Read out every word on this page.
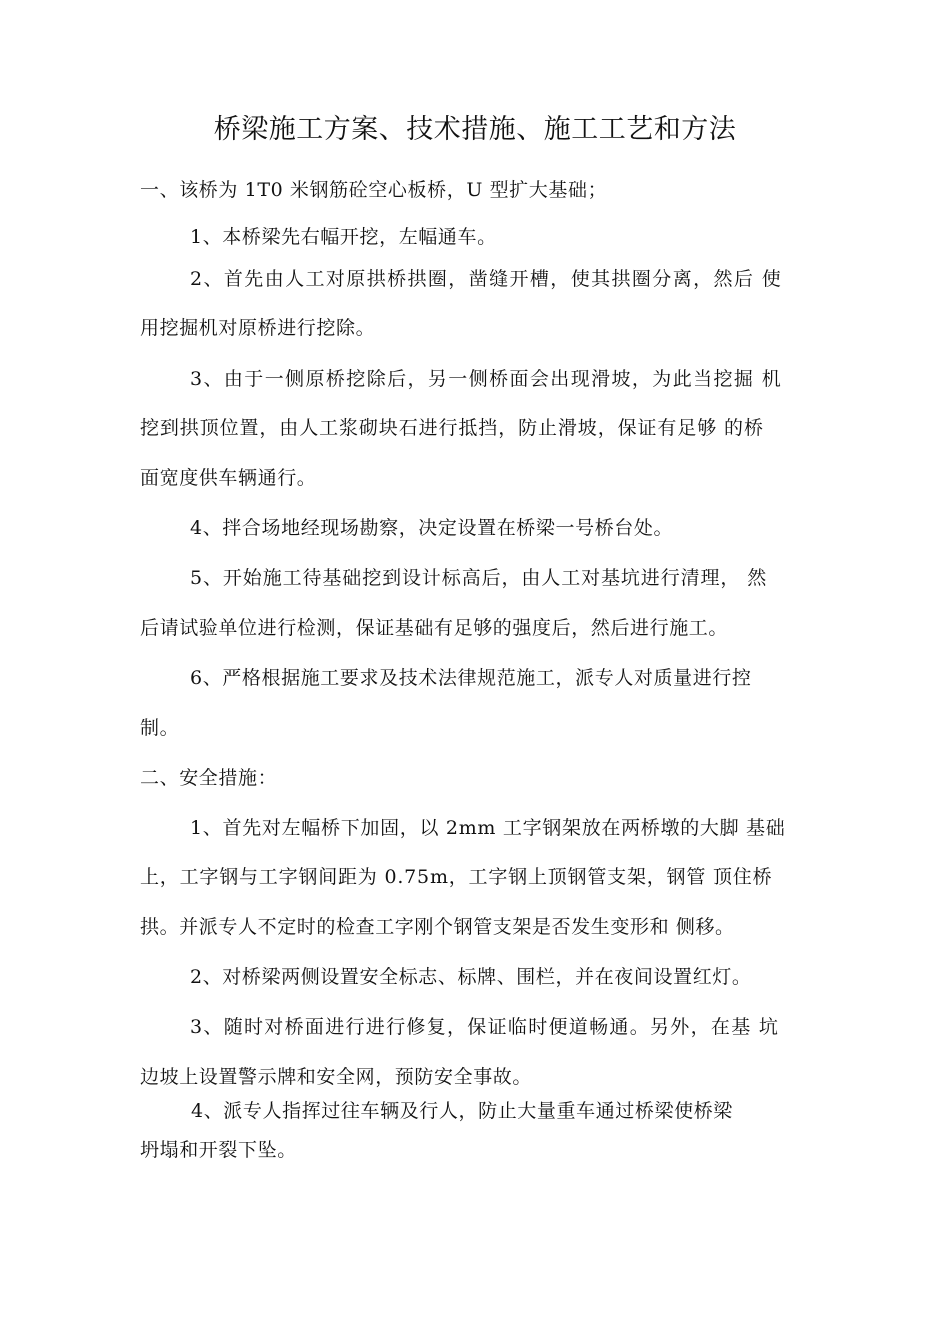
桥梁施工方案、技术措施、施工工艺和方法
一、该桥为 1T0 米钢筋砼空心板桥，U 型扩大基础；
1、本桥梁先右幅开挖，左幅通车。
2、首先由人工对原拱桥拱圈，凿缝开槽，使其拱圈分离，然后 使
用挖掘机对原桥进行挖除。
3、由于一侧原桥挖除后，另一侧桥面会出现滑坡，为此当挖掘 机
挖到拱顶位置，由人工浆砌块石进行抵挡，防止滑坡，保证有足够 的桥
面宽度供车辆通行。
4、拌合场地经现场勘察，决定设置在桥梁一号桥台处。
5、开始施工待基础挖到设计标高后，由人工对基坑进行清理， 然
后请试验单位进行检测，保证基础有足够的强度后，然后进行施工。
6、严格根据施工要求及技术法律规范施工，派专人对质量进行控
制。
二、安全措施：
1、首先对左幅桥下加固，以 2mm 工字钢架放在两桥墩的大脚 基础
上，工字钢与工字钢间距为 0.75m，工字钢上顶钢管支架，钢管 顶住桥
拱。并派专人不定时的检查工字刚个钢管支架是否发生变形和 侧移。
2、对桥梁两侧设置安全标志、标牌、围栏，并在夜间设置红灯。
3、随时对桥面进行进行修复，保证临时便道畅通。另外，在基 坑
边坡上设置警示牌和安全网，预防安全事故。
4、派专人指挥过往车辆及行人，防止大量重车通过桥梁使桥梁
坍塌和开裂下坠。
